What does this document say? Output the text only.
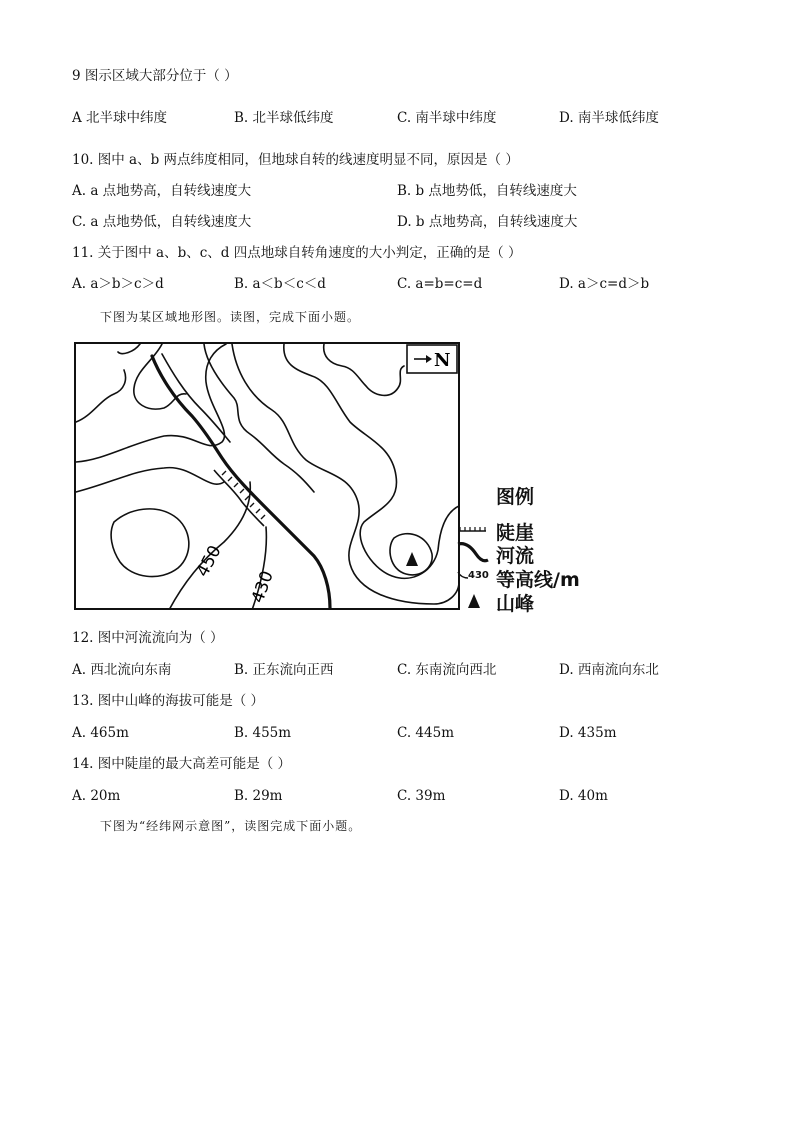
9 图示区域大部分位于（ ）
A 北半球中纬度	B. 北半球低纬度	C. 南半球中纬度	D. 南半球低纬度
10. 图中 a、b 两点纬度相同，但地球自转的线速度明显不同，原因是（ ）
A. a 点地势高，自转线速度大	B. b 点地势低，自转线速度大
C. a 点地势低，自转线速度大	D. b 点地势高，自转线速度大
11. 关于图中 a、b、c、d 四点地球自转角速度的大小判定，正确的是（ ）
A. a＞b＞c＞d	B. a＜b＜c＜d	C. a=b=c=d	D. a＞c=d＞b
下图为某区域地形图。读图，完成下面小题。
450
430
N
图例
陡崖
河流
430 等高线/m
山峰
12. 图中河流流向为（ ）
A. 西北流向东南	B. 正东流向正西	C. 东南流向西北	D. 西南流向东北
13. 图中山峰的海拔可能是（ ）
A. 465m	B. 455m	C. 445m	D. 435m
14. 图中陡崖的最大高差可能是（ ）
A. 20m	B. 29m	C. 39m	D. 40m
下图为“经纬网示意图”，读图完成下面小题。
